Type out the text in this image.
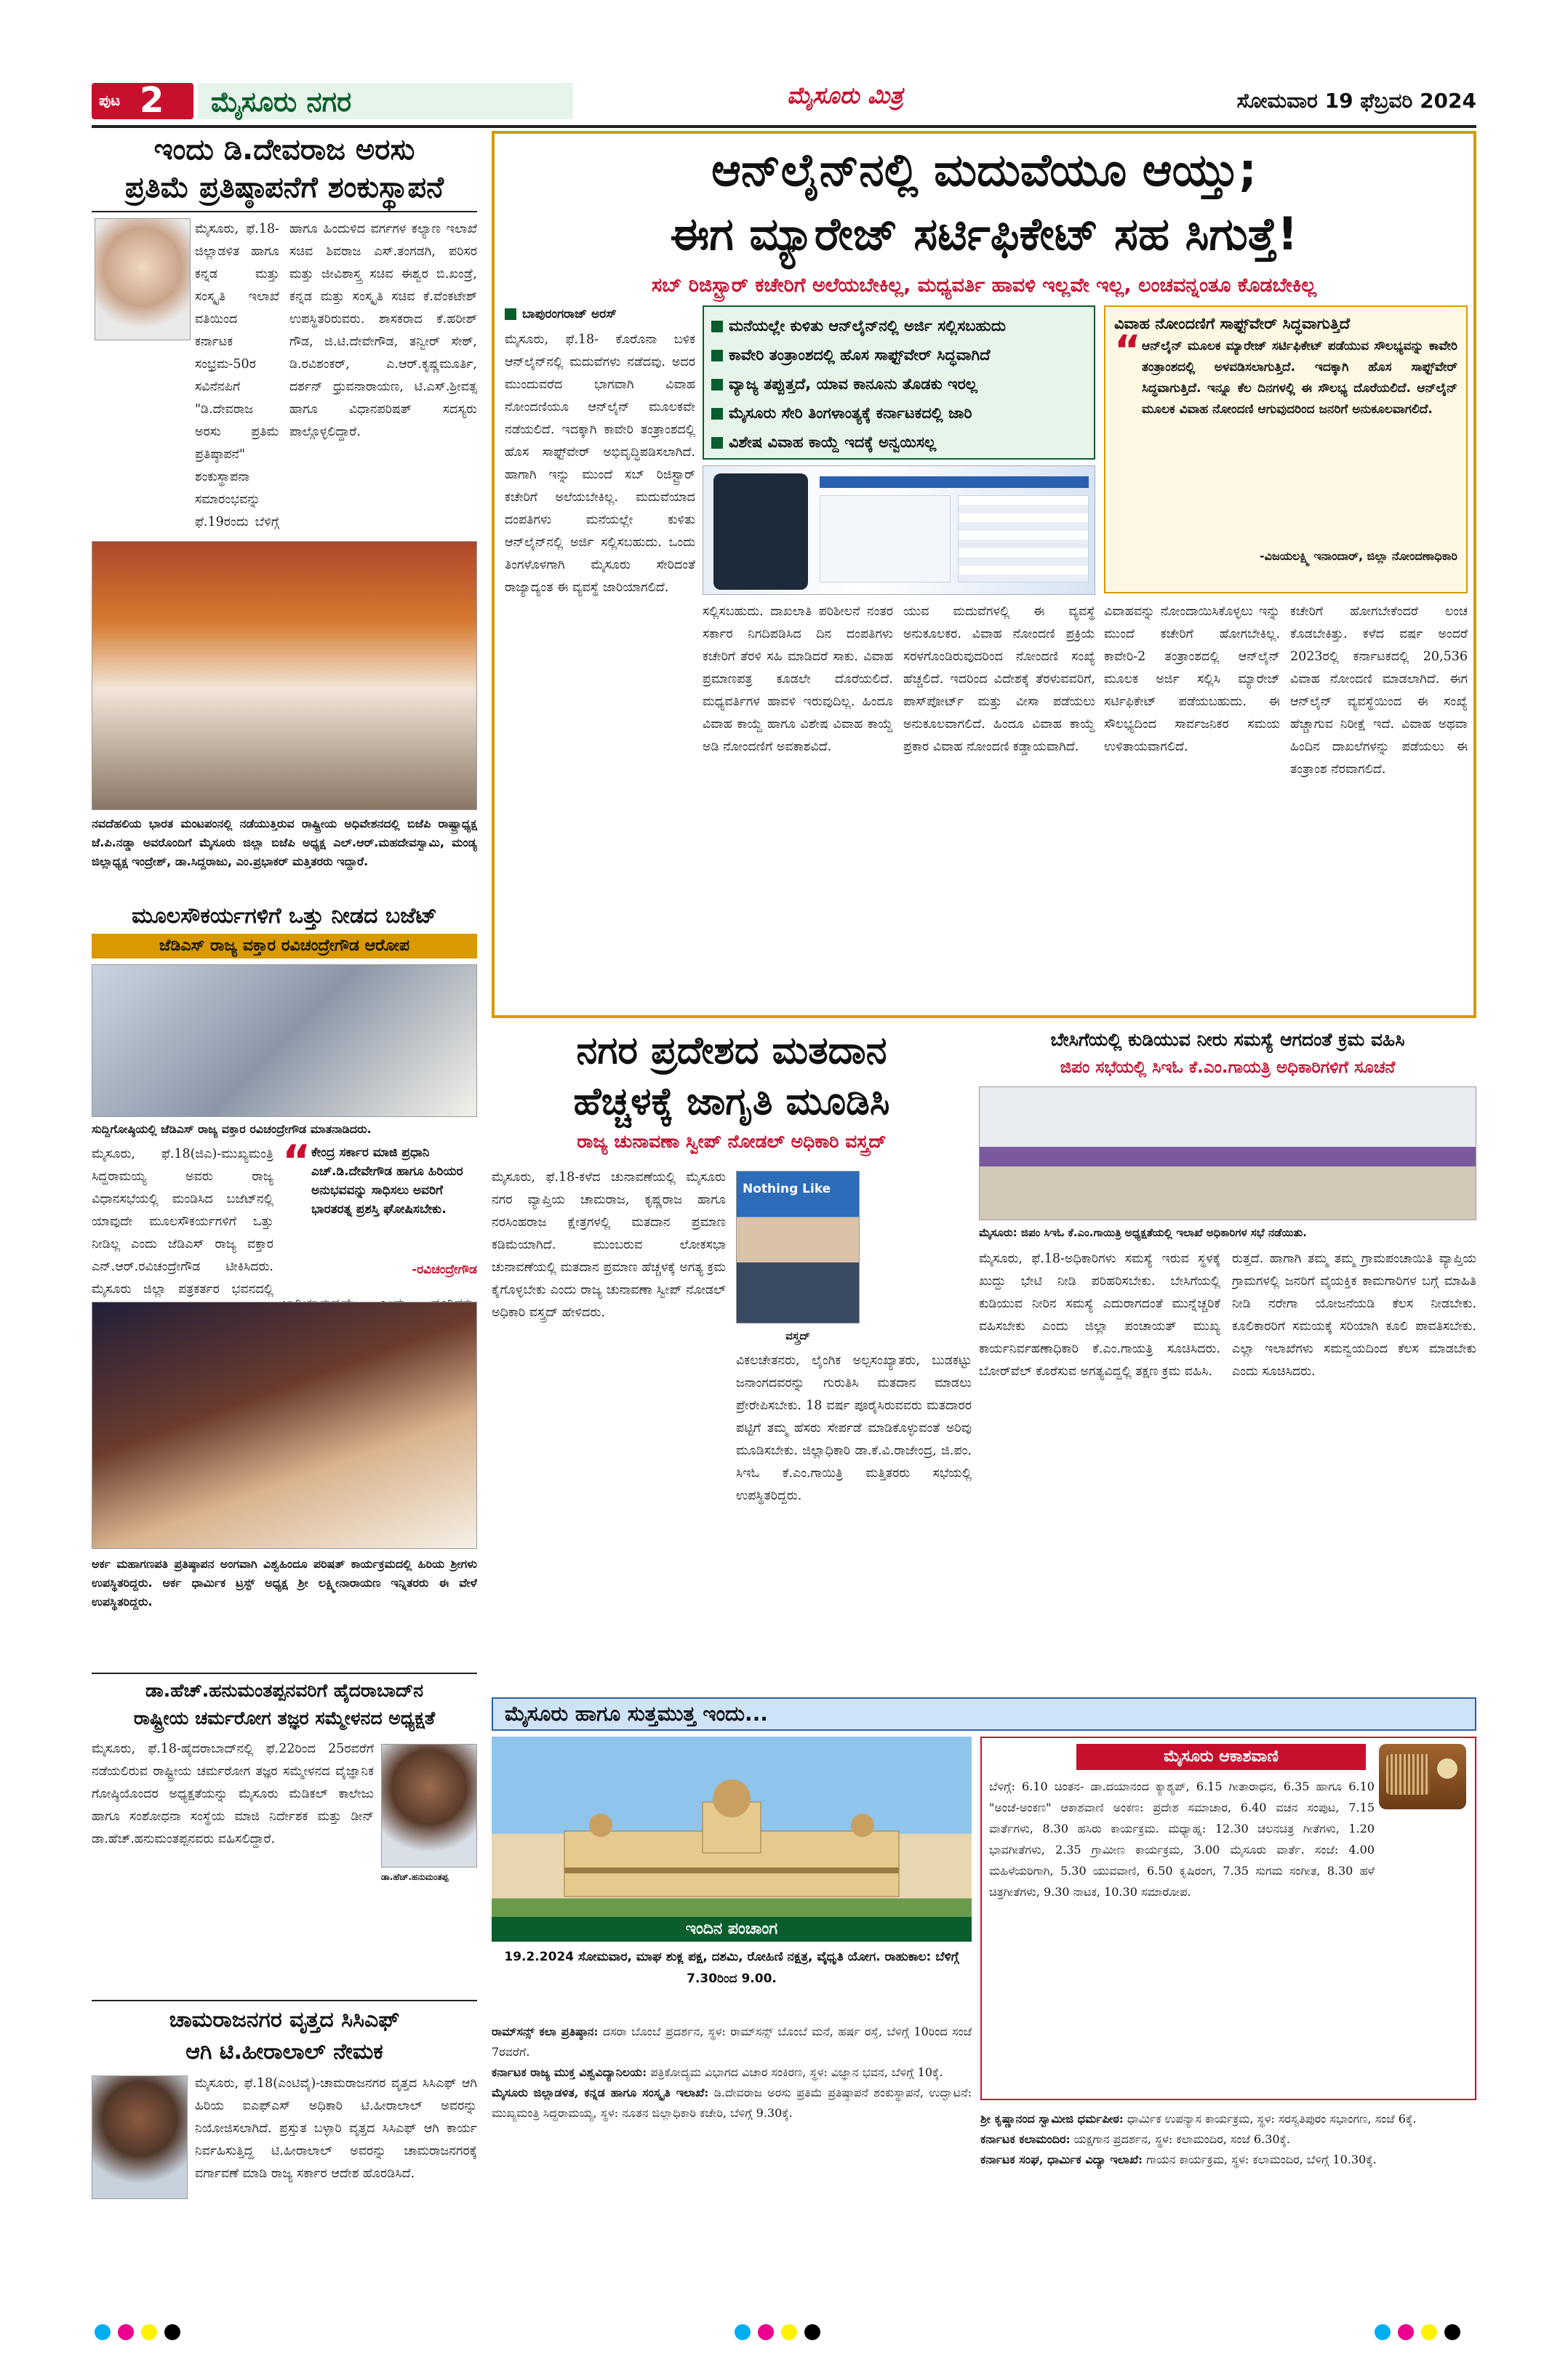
ಪುಟ 2 ಮೈಸೂರು ನಗರ	ಮೈಸೂರು ಮಿತ್ರ	ಸೋಮವಾರ 19 ಫೆಬ್ರವರಿ 2024
ಇಂದು ಡಿ.ದೇವರಾಜ ಅರಸು
ಪ್ರತಿಮೆ ಪ್ರತಿಷ್ಠಾಪನೆಗೆ ಶಂಕುಸ್ಥಾಪನೆ
ಮೈಸೂರು, ಫೆ.18-ಜಿಲ್ಲಾಡಳಿತ ಹಾಗೂ ಕನ್ನಡ ಮತ್ತು ಸಂಸ್ಕೃತಿ ಇಲಾಖೆ ವತಿಯಿಂದ ಕರ್ನಾಟಕ ಸಂಭ್ರಮ-50ರ ಸವಿನೆನಪಿಗೆ "ಡಿ.ದೇವರಾಜ ಅರಸು ಪ್ರತಿಮೆ ಪ್ರತಿಷ್ಠಾಪನೆ" ಶಂಕುಸ್ಥಾಪನಾ ಸಮಾರಂಭವನ್ನು ಫೆ.19ರಂದು ಬೆಳಿಗ್ಗೆ
ಹಾಗೂ ಹಿಂದುಳಿದ ವರ್ಗಗಳ ಕಲ್ಯಾಣ ಇಲಾಖೆ ಸಚಿವ ಶಿವರಾಜ ಎಸ್.ತಂಗಡಗಿ, ಪರಿಸರ ಮತ್ತು ಜೀವಿಶಾಸ್ತ್ರ ಸಚಿವ ಈಶ್ವರ ಬಿ.ಖಂಡ್ರೆ, ಕನ್ನಡ ಮತ್ತು ಸಂಸ್ಕೃತಿ ಸಚಿವ ಕೆ.ವೆಂಕಟೇಶ್ ಉಪಸ್ಥಿತರಿರುವರು. ಶಾಸಕರಾದ ಕೆ.ಹರೀಶ್ ಗೌಡ, ಜಿ.ಟಿ.ದೇವೇಗೌಡ, ತನ್ವೀರ್ ಸೇಠ್, ಡಿ.ರವಿಶಂಕರ್, ಎ.ಆರ್.ಕೃಷ್ಣಮೂರ್ತಿ, ದರ್ಶನ್ ಧ್ರುವನಾರಾಯಣ, ಟಿ.ಎಸ್.ಶ್ರೀವತ್ಸ ಹಾಗೂ ವಿಧಾನಪರಿಷತ್ ಸದಸ್ಯರು ಪಾಲ್ಗೊಳ್ಳಲಿದ್ದಾರೆ.
ನವದೆಹಲಿಯ ಭಾರತ ಮಂಟಪಂನಲ್ಲಿ ನಡೆಯುತ್ತಿರುವ ರಾಷ್ಟ್ರೀಯ ಅಧಿವೇಶನದಲ್ಲಿ ಬಿಜೆಪಿ ರಾಷ್ಟ್ರಾಧ್ಯಕ್ಷ ಜೆ.ಪಿ.ನಡ್ಡಾ ಅವರೊಂದಿಗೆ ಮೈಸೂರು ಜಿಲ್ಲಾ ಬಿಜೆಪಿ ಅಧ್ಯಕ್ಷ ಎಲ್.ಆರ್.ಮಹದೇವಸ್ವಾಮಿ, ಮಂಡ್ಯ ಜಿಲ್ಲಾಧ್ಯಕ್ಷ ಇಂದ್ರೇಶ್, ಡಾ.ಸಿದ್ದರಾಜು, ಎಂ.ಪ್ರಭಾಕರ್ ಮತ್ತಿತರರು ಇದ್ದಾರೆ.
ಮೂಲಸೌಕರ್ಯಗಳಿಗೆ ಒತ್ತು ನೀಡದ ಬಜೆಟ್
ಜೆಡಿಎಸ್ ರಾಜ್ಯ ವಕ್ತಾರ ರವಿಚಂದ್ರೇಗೌಡ ಆರೋಪ
ಸುದ್ದಿಗೋಷ್ಠಿಯಲ್ಲಿ ಜೆಡಿಎಸ್ ರಾಜ್ಯ ವಕ್ತಾರ ರವಿಚಂದ್ರೇಗೌಡ ಮಾತನಾಡಿದರು.
ಮೈಸೂರು, ಫೆ.18(ಜಿಎ)-ಮುಖ್ಯಮಂತ್ರಿ ಸಿದ್ದರಾಮಯ್ಯ ಅವರು ರಾಜ್ಯ ವಿಧಾನಸಭೆಯಲ್ಲಿ ಮಂಡಿಸಿದ ಬಜೆಟ್‌ನಲ್ಲಿ ಯಾವುದೇ ಮೂಲಸೌಕರ್ಯಗಳಿಗೆ ಒತ್ತು ನೀಡಿಲ್ಲ ಎಂದು ಜೆಡಿಎಸ್ ರಾಜ್ಯ ವಕ್ತಾರ ಎನ್.ಆರ್.ರವಿಚಂದ್ರೇಗೌಡ ಟೀಕಿಸಿದರು. ಮೈಸೂರು ಜಿಲ್ಲಾ ಪತ್ರಕರ್ತರ ಭವನದಲ್ಲಿ
“ ಕೇಂದ್ರ ಸರ್ಕಾರ ಮಾಜಿ ಪ್ರಧಾನಿ ಎಚ್.ಡಿ.ದೇವೇಗೌಡ ಹಾಗೂ ಹಿರಿಯರ ಅನುಭವವನ್ನು ಸಾಧಿಸಲು ಅವರಿಗೆ ಭಾರತರತ್ನ ಪ್ರಶಸ್ತಿ ಘೋಷಿಸಬೇಕು.
-ರವಿಚಂದ್ರೇಗೌಡ
ಅರ್ಕ ಮಹಾಗಣಪತಿ ಪ್ರತಿಷ್ಠಾಪನ ಅಂಗವಾಗಿ ವಿಶ್ವಹಿಂದೂ ಪರಿಷತ್ ಕಾರ್ಯಕ್ರಮದಲ್ಲಿ ಹಿರಿಯ ಶ್ರೀಗಳು ಉಪಸ್ಥಿತರಿದ್ದರು. ಅರ್ಕ ಧಾರ್ಮಿಕ ಟ್ರಸ್ಟ್ ಅಧ್ಯಕ್ಷ ಶ್ರೀ ಲಕ್ಷ್ಮೀನಾರಾಯಣ ಇನ್ನಿತರರು ಈ ವೇಳೆ ಉಪಸ್ಥಿತರಿದ್ದರು.
ಡಾ.ಹೆಚ್.ಹನುಮಂತಪ್ಪನವರಿಗೆ ಹೈದರಾಬಾದ್‌ನ
ರಾಷ್ಟ್ರೀಯ ಚರ್ಮರೋಗ ತಜ್ಞರ ಸಮ್ಮೇಳನದ ಅಧ್ಯಕ್ಷತೆ
ಮೈಸೂರು, ಫೆ.18-ಹೈದರಾಬಾದ್‌ನಲ್ಲಿ ಫೆ.22ರಿಂದ 25ರವರೆಗೆ ನಡೆಯಲಿರುವ ರಾಷ್ಟ್ರೀಯ ಚರ್ಮರೋಗ ತಜ್ಞರ ಸಮ್ಮೇಳನದ ವೈಜ್ಞಾನಿಕ ಗೋಷ್ಠಿಯೊಂದರ ಅಧ್ಯಕ್ಷತೆಯನ್ನು ಮೈಸೂರು ಮೆಡಿಕಲ್ ಕಾಲೇಜು ಹಾಗೂ ಸಂಶೋಧನಾ ಸಂಸ್ಥೆಯ ಮಾಜಿ ನಿರ್ದೇಶಕ ಮತ್ತು ಡೀನ್ ಡಾ.ಹೆಚ್.ಹನುಮಂತಪ್ಪನವರು ವಹಿಸಲಿದ್ದಾರೆ.
ಡಾ.ಹೆಚ್.ಹನುಮಂತಪ್ಪ
ಚಾಮರಾಜನಗರ ವೃತ್ತದ ಸಿಸಿಎಫ್
ಆಗಿ ಟಿ.ಹೀರಾಲಾಲ್ ನೇಮಕ
ಮೈಸೂರು, ಫೆ.18(ಎಂಟಿವೈ)-ಚಾಮರಾಜನಗರ ವೃತ್ತದ ಸಿಸಿಎಫ್ ಆಗಿ ಹಿರಿಯ ಐಎಫ್‌ಎಸ್ ಅಧಿಕಾರಿ ಟಿ.ಹೀರಾಲಾಲ್ ಅವರನ್ನು ನಿಯೋಜಿಸಲಾಗಿದೆ. ಪ್ರಸ್ತುತ ಬಳ್ಳಾರಿ ವೃತ್ತದ ಸಿಸಿಎಫ್ ಆಗಿ ಕಾರ್ಯ ನಿರ್ವಹಿಸುತ್ತಿದ್ದ ಟಿ.ಹೀರಾಲಾಲ್ ಅವರನ್ನು ಚಾಮರಾಜನಗರಕ್ಕೆ ವರ್ಗಾವಣೆ ಮಾಡಿ ರಾಜ್ಯ ಸರ್ಕಾರ ಆದೇಶ ಹೊರಡಿಸಿದೆ.
ಆನ್‌ಲೈನ್‌ನಲ್ಲಿ ಮದುವೆಯೂ ಆಯ್ತು;
ಈಗ ಮ್ಯಾರೇಜ್ ಸರ್ಟಿಫಿಕೇಟ್ ಸಹ ಸಿಗುತ್ತೆ!
ಸಬ್ ರಿಜಿಸ್ಟ್ರಾರ್ ಕಚೇರಿಗೆ ಅಲೆಯಬೇಕಿಲ್ಲ, ಮಧ್ಯವರ್ತಿ ಹಾವಳಿ ಇಲ್ಲವೇ ಇಲ್ಲ, ಲಂಚವನ್ನಂತೂ ಕೊಡಬೇಕಿಲ್ಲ
ಬಾಪುರಂಗರಾಜ್ ಅರಸ್
ಮೈಸೂರು, ಫೆ.18- ಕೊರೊನಾ ಬಳಿಕ ಆನ್‌ಲೈನ್‌ನಲ್ಲಿ ಮದುವೆಗಳು ನಡೆದವು. ಅದರ ಮುಂದುವರೆದ ಭಾಗವಾಗಿ ವಿವಾಹ ನೋಂದಣಿಯೂ ಆನ್‌ಲೈನ್ ಮೂಲಕವೇ ನಡೆಯಲಿದೆ. ಇದಕ್ಕಾಗಿ ಕಾವೇರಿ ತಂತ್ರಾಂಶದಲ್ಲಿ ಹೊಸ ಸಾಫ್ಟ್‌ವೇರ್ ಅಭಿವೃದ್ಧಿಪಡಿಸಲಾಗಿದೆ. ಹಾಗಾಗಿ ಇನ್ನು ಮುಂದೆ ಸಬ್ ರಿಜಿಸ್ಟ್ರಾರ್ ಕಚೇರಿಗೆ ಅಲೆಯಬೇಕಿಲ್ಲ. ಮದುವೆಯಾದ ದಂಪತಿಗಳು ಮನೆಯಲ್ಲೇ ಕುಳಿತು ಆನ್‌ಲೈನ್‌ನಲ್ಲಿ ಅರ್ಜಿ ಸಲ್ಲಿಸಬಹುದು. ಒಂದು ತಿಂಗಳೊಳಗಾಗಿ ಮೈಸೂರು ಸೇರಿದಂತೆ ರಾಜ್ಯಾದ್ಯಂತ ಈ ವ್ಯವಸ್ಥೆ ಜಾರಿಯಾಗಲಿದೆ.
ಮನೆಯಲ್ಲೇ ಕುಳಿತು ಆನ್‌ಲೈನ್‌ನಲ್ಲಿ ಅರ್ಜಿ ಸಲ್ಲಿಸಬಹುದು
ಕಾವೇರಿ ತಂತ್ರಾಂಶದಲ್ಲಿ ಹೊಸ ಸಾಫ್ಟ್‌ವೇರ್ ಸಿದ್ಧವಾಗಿದೆ
ವ್ಯಾಜ್ಯ ತಪ್ಪುತ್ತದೆ, ಯಾವ ಕಾನೂನು ತೊಡಕು ಇರಲ್ಲ
ಮೈಸೂರು ಸೇರಿ ತಿಂಗಳಾಂತ್ಯಕ್ಕೆ ಕರ್ನಾಟಕದಲ್ಲಿ ಜಾರಿ
ವಿಶೇಷ ವಿವಾಹ ಕಾಯ್ದೆ ಇದಕ್ಕೆ ಅನ್ವಯಿಸಲ್ಲ
ಸಲ್ಲಿಸಬಹುದು. ದಾಖಲಾತಿ ಪರಿಶೀಲನೆ ನಂತರ ಸರ್ಕಾರ ನಿಗದಿಪಡಿಸಿದ ದಿನ ದಂಪತಿಗಳು ಕಚೇರಿಗೆ ತೆರಳಿ ಸಹಿ ಮಾಡಿದರೆ ಸಾಕು. ವಿವಾಹ ಪ್ರಮಾಣಪತ್ರ ಕೂಡಲೇ ದೊರೆಯಲಿದೆ. ಮಧ್ಯವರ್ತಿಗಳ ಹಾವಳಿ ಇರುವುದಿಲ್ಲ. ಹಿಂದೂ ವಿವಾಹ ಕಾಯ್ದೆ ಹಾಗೂ ವಿಶೇಷ ವಿವಾಹ ಕಾಯ್ದೆ ಅಡಿ ನೋಂದಣಿಗೆ ಅವಕಾಶವಿದೆ.
ಯುವ ಮದುವೆಗಳಲ್ಲಿ ಈ ವ್ಯವಸ್ಥೆ ಅನುಕೂಲಕರ. ವಿವಾಹ ನೋಂದಣಿ ಪ್ರಕ್ರಿಯೆ ಸರಳಗೊಂಡಿರುವುದರಿಂದ ನೋಂದಣಿ ಸಂಖ್ಯೆ ಹೆಚ್ಚಲಿದೆ. ಇದರಿಂದ ವಿದೇಶಕ್ಕೆ ತೆರಳುವವರಿಗೆ, ಪಾಸ್‌ಪೋರ್ಟ್ ಮತ್ತು ವೀಸಾ ಪಡೆಯಲು ಅನುಕೂಲವಾಗಲಿದೆ. ಹಿಂದೂ ವಿವಾಹ ಕಾಯ್ದೆ ಪ್ರಕಾರ ವಿವಾಹ ನೋಂದಣಿ ಕಡ್ಡಾಯವಾಗಿದೆ.
ವಿವಾಹ ನೋಂದಣಿಗೆ ಸಾಫ್ಟ್‌ವೇರ್ ಸಿದ್ಧವಾಗುತ್ತಿದೆ
“ ಆನ್‌ಲೈನ್ ಮೂಲಕ ಮ್ಯಾರೇಜ್ ಸರ್ಟಿಫಿಕೇಟ್ ಪಡೆಯುವ ಸೌಲಭ್ಯವನ್ನು ಕಾವೇರಿ ತಂತ್ರಾಂಶದಲ್ಲಿ ಅಳವಡಿಸಲಾಗುತ್ತಿದೆ. ಇದಕ್ಕಾಗಿ ಹೊಸ ಸಾಫ್ಟ್‌ವೇರ್ ಸಿದ್ಧವಾಗುತ್ತಿದೆ. ಇನ್ನೂ ಕೆಲ ದಿನಗಳಲ್ಲಿ ಈ ಸೌಲಭ್ಯ ದೊರೆಯಲಿದೆ. ಆನ್‌ಲೈನ್ ಮೂಲಕ ವಿವಾಹ ನೋಂದಣಿ ಆಗುವುದರಿಂದ ಜನರಿಗೆ ಅನುಕೂಲವಾಗಲಿದೆ.
-ವಿಜಯಲಕ್ಷ್ಮಿ ಇನಾಂದಾರ್, ಜಿಲ್ಲಾ ನೋಂದಣಾಧಿಕಾರಿ
ವಿವಾಹವನ್ನು ನೋಂದಾಯಿಸಿಕೊಳ್ಳಲು ಇನ್ನು ಮುಂದೆ ಕಚೇರಿಗೆ ಹೋಗಬೇಕಿಲ್ಲ. ಕಾವೇರಿ-2 ತಂತ್ರಾಂಶದಲ್ಲಿ ಆನ್‌ಲೈನ್ ಮೂಲಕ ಅರ್ಜಿ ಸಲ್ಲಿಸಿ ಮ್ಯಾರೇಜ್ ಸರ್ಟಿಫಿಕೇಟ್ ಪಡೆಯಬಹುದು. ಈ ಸೌಲಭ್ಯದಿಂದ ಸಾರ್ವಜನಿಕರ ಸಮಯ ಉಳಿತಾಯವಾಗಲಿದೆ.
ಕಚೇರಿಗೆ ಹೋಗಬೇಕೆಂದರೆ ಲಂಚ ಕೊಡಬೇಕಿತ್ತು. ಕಳೆದ ವರ್ಷ ಅಂದರೆ 2023ರಲ್ಲಿ ಕರ್ನಾಟಕದಲ್ಲಿ 20,536 ವಿವಾಹ ನೋಂದಣಿ ಮಾಡಲಾಗಿದೆ. ಈಗ ಆನ್‌ಲೈನ್ ವ್ಯವಸ್ಥೆಯಿಂದ ಈ ಸಂಖ್ಯೆ ಹೆಚ್ಚಾಗುವ ನಿರೀಕ್ಷೆ ಇದೆ. ವಿವಾಹ ಅಥವಾ ಹಿಂದಿನ ದಾಖಲೆಗಳನ್ನು ಪಡೆಯಲು ಈ ತಂತ್ರಾಂಶ ನೆರವಾಗಲಿದೆ.
ನಗರ ಪ್ರದೇಶದ ಮತದಾನ
ಹೆಚ್ಚಳಕ್ಕೆ ಜಾಗೃತಿ ಮೂಡಿಸಿ
ರಾಜ್ಯ ಚುನಾವಣಾ ಸ್ವೀಪ್ ನೋಡಲ್ ಅಧಿಕಾರಿ ವಸ್ತ್ರದ್
ಮೈಸೂರು, ಫೆ.18-ಕಳೆದ ಚುನಾವಣೆಯಲ್ಲಿ ಮೈಸೂರು ನಗರ ವ್ಯಾಪ್ತಿಯ ಚಾಮರಾಜ, ಕೃಷ್ಣರಾಜ ಹಾಗೂ ನರಸಿಂಹರಾಜ ಕ್ಷೇತ್ರಗಳಲ್ಲಿ ಮತದಾನ ಪ್ರಮಾಣ ಕಡಿಮೆಯಾಗಿದೆ. ಮುಂಬರುವ ಲೋಕಸಭಾ ಚುನಾವಣೆಯಲ್ಲಿ ಮತದಾನ ಪ್ರಮಾಣ ಹೆಚ್ಚಳಕ್ಕೆ ಅಗತ್ಯ ಕ್ರಮ ಕೈಗೊಳ್ಳಬೇಕು ಎಂದು ರಾಜ್ಯ ಚುನಾವಣಾ ಸ್ವೀಪ್ ನೋಡಲ್ ಅಧಿಕಾರಿ ವಸ್ತ್ರದ್ ಹೇಳಿದರು.
Nothing Like
ವಸ್ತ್ರದ್
ವಿಕಲಚೇತನರು, ಲೈಂಗಿಕ ಅಲ್ಪಸಂಖ್ಯಾತರು, ಬುಡಕಟ್ಟು ಜನಾಂಗದವರನ್ನು ಗುರುತಿಸಿ ಮತದಾನ ಮಾಡಲು ಪ್ರೇರೇಪಿಸಬೇಕು. 18 ವರ್ಷ ಪೂರೈಸಿರುವವರು ಮತದಾರರ ಪಟ್ಟಿಗೆ ತಮ್ಮ ಹೆಸರು ಸೇರ್ಪಡೆ ಮಾಡಿಕೊಳ್ಳುವಂತೆ ಅರಿವು ಮೂಡಿಸಬೇಕು. ಜಿಲ್ಲಾಧಿಕಾರಿ ಡಾ.ಕೆ.ವಿ.ರಾಜೇಂದ್ರ, ಜಿ.ಪಂ. ಸಿಇಓ ಕೆ.ಎಂ.ಗಾಯಿತ್ರಿ ಮತ್ತಿತರರು ಸಭೆಯಲ್ಲಿ ಉಪಸ್ಥಿತರಿದ್ದರು.
ಬೇಸಿಗೆಯಲ್ಲಿ ಕುಡಿಯುವ ನೀರು ಸಮಸ್ಯೆ ಆಗದಂತೆ ಕ್ರಮ ವಹಿಸಿ
ಜಿಪಂ ಸಭೆಯಲ್ಲಿ ಸಿಇಓ ಕೆ.ಎಂ.ಗಾಯತ್ರಿ ಅಧಿಕಾರಿಗಳಿಗೆ ಸೂಚನೆ
ಮೈಸೂರು: ಜಿಪಂ ಸಿಇಓ ಕೆ.ಎಂ.ಗಾಯಿತ್ರಿ ಅಧ್ಯಕ್ಷತೆಯಲ್ಲಿ ಇಲಾಖೆ ಅಧಿಕಾರಿಗಳ ಸಭೆ ನಡೆಯಿತು.
ಮೈಸೂರು, ಫೆ.18-ಅಧಿಕಾರಿಗಳು ಸಮಸ್ಯೆ ಇರುವ ಸ್ಥಳಕ್ಕೆ ಖುದ್ದು ಭೇಟಿ ನೀಡಿ ಪರಿಹರಿಸಬೇಕು. ಬೇಸಿಗೆಯಲ್ಲಿ ಕುಡಿಯುವ ನೀರಿನ ಸಮಸ್ಯೆ ಎದುರಾಗದಂತೆ ಮುನ್ನೆಚ್ಚರಿಕೆ ವಹಿಸಬೇಕು ಎಂದು ಜಿಲ್ಲಾ ಪಂಚಾಯತ್ ಮುಖ್ಯ ಕಾರ್ಯನಿರ್ವಹಣಾಧಿಕಾರಿ ಕೆ.ಎಂ.ಗಾಯತ್ರಿ ಸೂಚಿಸಿದರು. ಬೋರ್‌ವೆಲ್ ಕೊರೆಸುವ ಅಗತ್ಯವಿದ್ದಲ್ಲಿ ತಕ್ಷಣ ಕ್ರಮ ವಹಿಸಿ.
ರುತ್ತದೆ. ಹಾಗಾಗಿ ತಮ್ಮ ತಮ್ಮ ಗ್ರಾಮಪಂಚಾಯಿತಿ ವ್ಯಾಪ್ತಿಯ ಗ್ರಾಮಗಳಲ್ಲಿ ಜನರಿಗೆ ವೈಯಕ್ತಿಕ ಕಾಮಗಾರಿಗಳ ಬಗ್ಗೆ ಮಾಹಿತಿ ನೀಡಿ ನರೇಗಾ ಯೋಜನೆಯಡಿ ಕೆಲಸ ನೀಡಬೇಕು. ಕೂಲಿಕಾರರಿಗೆ ಸಮಯಕ್ಕೆ ಸರಿಯಾಗಿ ಕೂಲಿ ಪಾವತಿಸಬೇಕು. ಎಲ್ಲಾ ಇಲಾಖೆಗಳು ಸಮನ್ವಯದಿಂದ ಕೆಲಸ ಮಾಡಬೇಕು ಎಂದು ಸೂಚಿಸಿದರು.
ಮೈಸೂರು ಹಾಗೂ ಸುತ್ತಮುತ್ತ ಇಂದು...
ಇಂದಿನ ಪಂಚಾಂಗ
19.2.2024 ಸೋಮವಾರ, ಮಾಘ ಶುಕ್ಲ ಪಕ್ಷ, ದಶಮಿ, ರೋಹಿಣಿ ನಕ್ಷತ್ರ, ವೈಧೃತಿ ಯೋಗ. ರಾಹುಕಾಲ: ಬೆಳಿಗ್ಗೆ 7.30ರಿಂದ 9.00.
ಮೈಸೂರು ಆಕಾಶವಾಣಿ
ಬೆಳಿಗ್ಗೆ: 6.10 ಚಿಂತನ- ಡಾ.ದಯಾನಂದ ಕ್ಯಾಶ್ಯಪ್, 6.15 ಗೀತಾರಾಧನ, 6.35 ಹಾಗೂ 6.10 "ಅಂಚೆ-ಅಂಕಣ" ಆಕಾಶವಾಣಿ ಅಂಕಣ: ಪ್ರದೇಶ ಸಮಾಚಾರ, 6.40 ವಚನ ಸಂಪುಟ, 7.15 ವಾರ್ತೆಗಳು, 8.30 ಹಸಿರು ಕಾರ್ಯಕ್ರಮ. ಮಧ್ಯಾಹ್ನ: 12.30 ಚಲನಚಿತ್ರ ಗೀತೆಗಳು, 1.20 ಭಾವಗೀತೆಗಳು, 2.35 ಗ್ರಾಮೀಣ ಕಾರ್ಯಕ್ರಮ, 3.00 ಮೈಸೂರು ವಾರ್ತೆ. ಸಂಜೆ: 4.00 ಮಹಿಳೆಯರಿಗಾಗಿ, 5.30 ಯುವವಾಣಿ, 6.50 ಕೃಷಿರಂಗ, 7.35 ಸುಗಮ ಸಂಗೀತ, 8.30 ಹಳೆ ಚಿತ್ರಗೀತೆಗಳು, 9.30 ನಾಟಕ, 10.30 ಸಮಾರೋಪ.
ರಾಮ್‌ಸನ್ಸ್ ಕಲಾ ಪ್ರತಿಷ್ಠಾನ: ದಸರಾ ಬೊಂಬೆ ಪ್ರದರ್ಶನ, ಸ್ಥಳ: ರಾಮ್‌ಸನ್ಸ್ ಬೊಂಬೆ ಮನೆ, ಹರ್ಷ ರಸ್ತೆ, ಬೆಳಿಗ್ಗೆ 10ರಿಂದ ಸಂಜೆ 7ರವರೆಗೆ.
ಕರ್ನಾಟಕ ರಾಜ್ಯ ಮುಕ್ತ ವಿಶ್ವವಿದ್ಯಾನಿಲಯ: ಪತ್ರಿಕೋದ್ಯಮ ವಿಭಾಗದ ವಿಚಾರ ಸಂಕಿರಣ, ಸ್ಥಳ: ವಿಜ್ಞಾನ ಭವನ, ಬೆಳಿಗ್ಗೆ 10ಕ್ಕೆ.
ಮೈಸೂರು ಜಿಲ್ಲಾಡಳಿತ, ಕನ್ನಡ ಹಾಗೂ ಸಂಸ್ಕೃತಿ ಇಲಾಖೆ: ಡಿ.ದೇವರಾಜ ಅರಸು ಪ್ರತಿಮೆ ಪ್ರತಿಷ್ಠಾಪನೆ ಶಂಕುಸ್ಥಾಪನೆ, ಉದ್ಘಾಟನೆ: ಮುಖ್ಯಮಂತ್ರಿ ಸಿದ್ದರಾಮಯ್ಯ, ಸ್ಥಳ: ನೂತನ ಜಿಲ್ಲಾಧಿಕಾರಿ ಕಚೇರಿ, ಬೆಳಿಗ್ಗೆ 9.30ಕ್ಕೆ.	ಶ್ರೀ ಕೃಷ್ಣಾನಂದ ಸ್ವಾಮೀಜಿ ಧರ್ಮಪೀಠ: ಧಾರ್ಮಿಕ ಉಪನ್ಯಾಸ ಕಾರ್ಯಕ್ರಮ, ಸ್ಥಳ: ಸರಸ್ವತಿಪುರಂ ಸಭಾಂಗಣ, ಸಂಜೆ 6ಕ್ಕೆ.
ಕರ್ನಾಟಕ ಕಲಾಮಂದಿರ: ಯಕ್ಷಗಾನ ಪ್ರದರ್ಶನ, ಸ್ಥಳ: ಕಲಾಮಂದಿರ, ಸಂಜೆ 6.30ಕ್ಕೆ.
ಕರ್ನಾಟಕ ಸಂಘ, ಧಾರ್ಮಿಕ ವಿದ್ಯಾ ಇಲಾಖೆ: ಗಾಯನ ಕಾರ್ಯಕ್ರಮ, ಸ್ಥಳ: ಕಲಾಮಂದಿರ, ಬೆಳಿಗ್ಗೆ 10.30ಕ್ಕೆ.
